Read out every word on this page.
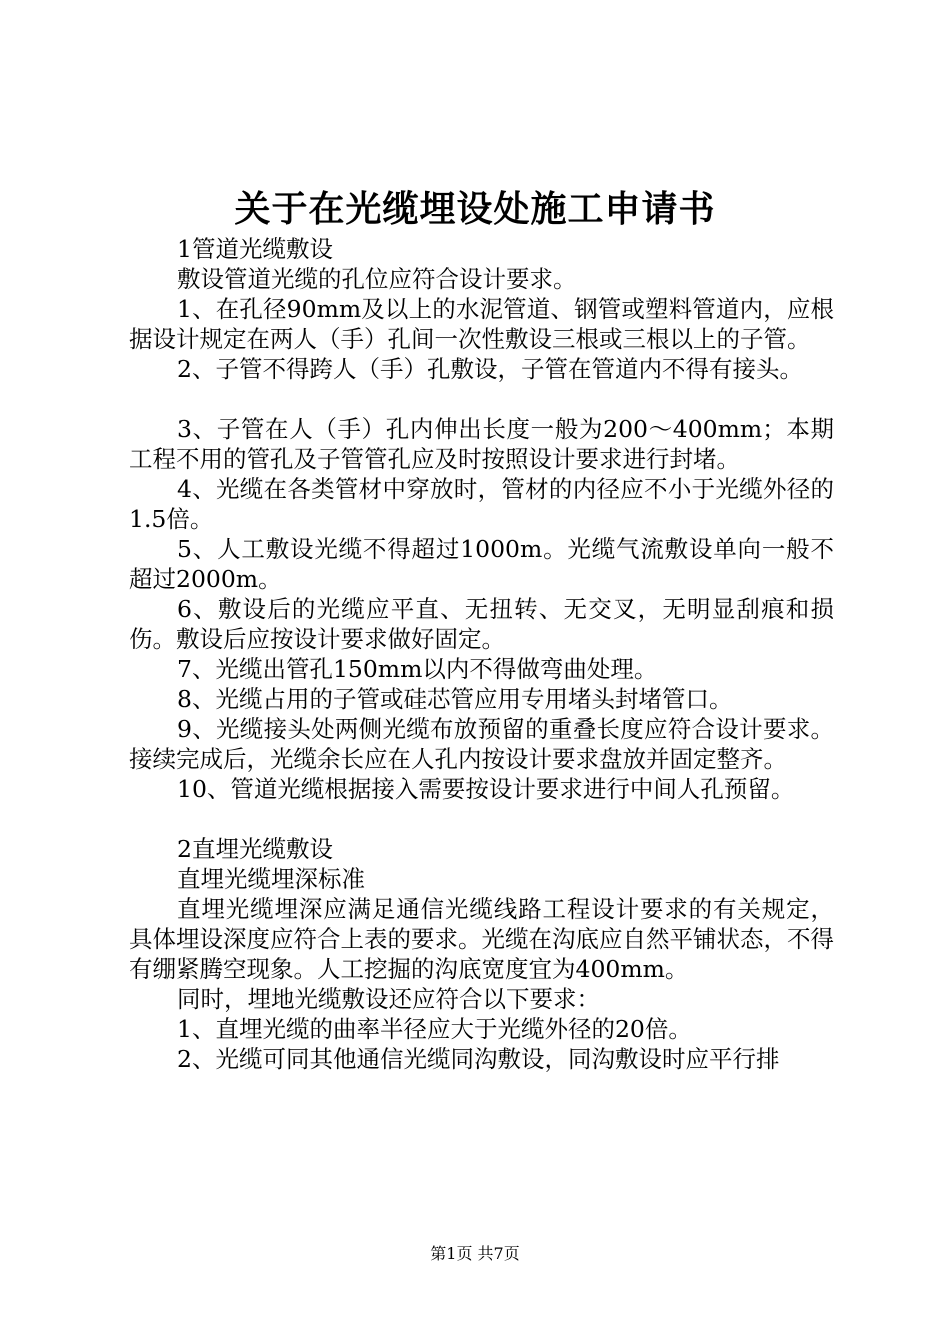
关于在光缆埋设处施工申请书

1管道光缆敷设

敷设管道光缆的孔位应符合设计要求。

1、在孔径90mm及以上的水泥管道、钢管或塑料管道内，应根据设计规定在两人（手）孔间一次性敷设三根或三根以上的子管。

2、子管不得跨人（手）孔敷设，子管在管道内不得有接头。

3、子管在人（手）孔内伸出长度一般为200～400mm；本期工程不用的管孔及子管管孔应及时按照设计要求进行封堵。

4、光缆在各类管材中穿放时，管材的内径应不小于光缆外径的1.5倍。

5、人工敷设光缆不得超过1000m。光缆气流敷设单向一般不超过2000m。

6、敷设后的光缆应平直、无扭转、无交叉，无明显刮痕和损伤。敷设后应按设计要求做好固定。

7、光缆出管孔150mm以内不得做弯曲处理。

8、光缆占用的子管或硅芯管应用专用堵头封堵管口。

9、光缆接头处两侧光缆布放预留的重叠长度应符合设计要求。接续完成后，光缆余长应在人孔内按设计要求盘放并固定整齐。

10、管道光缆根据接入需要按设计要求进行中间人孔预留。

2直埋光缆敷设

直埋光缆埋深标准

直埋光缆埋深应满足通信光缆线路工程设计要求的有关规定，具体埋设深度应符合上表的要求。光缆在沟底应自然平铺状态，不得有绷紧腾空现象。人工挖掘的沟底宽度宜为400mm。

同时，埋地光缆敷设还应符合以下要求：

1、直埋光缆的曲率半径应大于光缆外径的20倍。

2、光缆可同其他通信光缆同沟敷设，同沟敷设时应平行排

第1页 共7页
